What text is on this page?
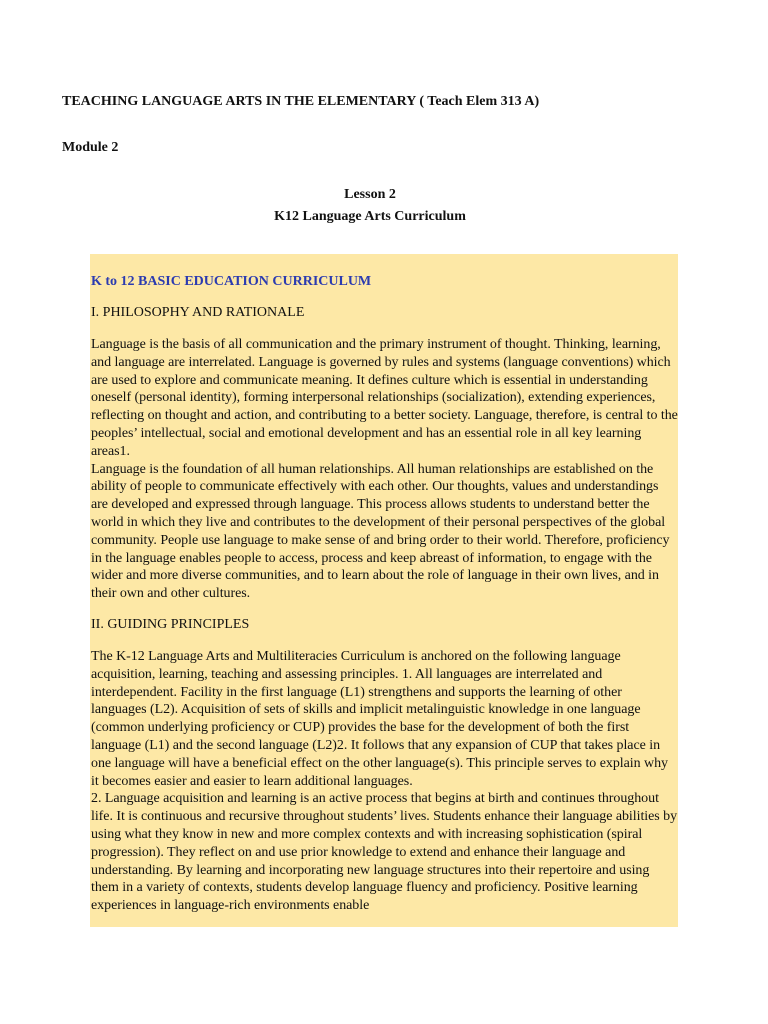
TEACHING LANGUAGE ARTS IN THE ELEMENTARY ( Teach Elem 313 A)
Module 2
Lesson 2
K12 Language Arts Curriculum
K to 12 BASIC EDUCATION CURRICULUM
I. PHILOSOPHY AND RATIONALE

Language is the basis of all communication and the primary instrument of thought. Thinking, learning, and language are interrelated. Language is governed by rules and systems (language conventions) which are used to explore and communicate meaning. It defines culture which is essential in understanding oneself (personal identity), forming interpersonal relationships (socialization), extending experiences, reflecting on thought and action, and contributing to a better society. Language, therefore, is central to the peoples’ intellectual, social and emotional development and has an essential role in all key learning areas1.

Language is the foundation of all human relationships. All human relationships are established on the ability of people to communicate effectively with each other. Our thoughts, values and understandings are developed and expressed through language. This process allows students to understand better the world in which they live and contributes to the development of their personal perspectives of the global community. People use language to make sense of and bring order to their world. Therefore, proficiency in the language enables people to access, process and keep abreast of information, to engage with the wider and more diverse communities, and to learn about the role of language in their own lives, and in their own and other cultures.

II. GUIDING PRINCIPLES

The K-12 Language Arts and Multiliteracies Curriculum is anchored on the following language acquisition, learning, teaching and assessing principles. 1. All languages are interrelated and interdependent. Facility in the first language (L1) strengthens and supports the learning of other languages (L2). Acquisition of sets of skills and implicit metalinguistic knowledge in one language (common underlying proficiency or CUP) provides the base for the development of both the first language (L1) and the second language (L2)2. It follows that any expansion of CUP that takes place in one language will have a beneficial effect on the other language(s). This principle serves to explain why it becomes easier and easier to learn additional languages.

2. Language acquisition and learning is an active process that begins at birth and continues throughout life. It is continuous and recursive throughout students’ lives. Students enhance their language abilities by using what they know in new and more complex contexts and with increasing sophistication (spiral progression). They reflect on and use prior knowledge to extend and enhance their language and understanding. By learning and incorporating new language structures into their repertoire and using them in a variety of contexts, students develop language fluency and proficiency. Positive learning experiences in language-rich environments enable
